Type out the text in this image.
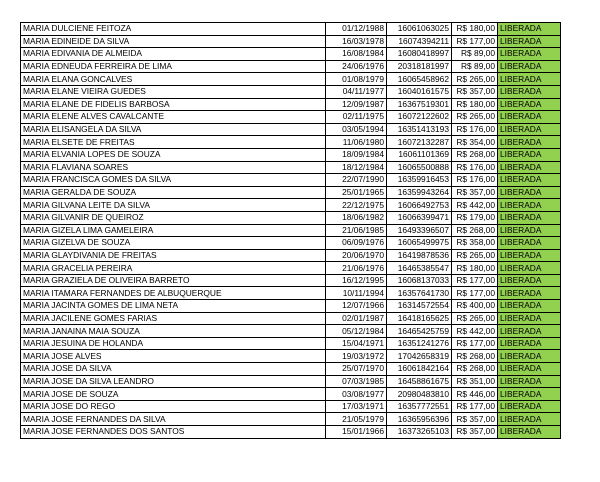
MARIA DULCIENE FEITOZA	01/12/1988	16061063025	R$ 180,00	LIBERADA
MARIA EDINEIDE DA SILVA	16/03/1978	16074394211	R$ 177,00	LIBERADA
MARIA EDIVANIA DE ALMEIDA	16/08/1984	16080418997	R$ 89,00	LIBERADA
MARIA EDNEUDA FERREIRA DE LIMA	24/06/1976	20318181997	R$ 89,00	LIBERADA
MARIA ELANA GONCALVES	01/08/1979	16065458962	R$ 265,00	LIBERADA
MARIA ELANE VIEIRA GUEDES	04/11/1977	16040161575	R$ 357,00	LIBERADA
MARIA ELANE DE FIDELIS BARBOSA	12/09/1987	16367519301	R$ 180,00	LIBERADA
MARIA ELENE ALVES CAVALCANTE	02/11/1975	16072122602	R$ 265,00	LIBERADA
MARIA ELISANGELA DA SILVA	03/05/1994	16351413193	R$ 176,00	LIBERADA
MARIA ELSETE DE FREITAS	11/06/1980	16072132287	R$ 354,00	LIBERADA
MARIA ELVANIA LOPES DE SOUZA	18/09/1984	16061101369	R$ 268,00	LIBERADA
MARIA FLAVIANA SOARES	18/12/1984	16065500888	R$ 176,00	LIBERADA
MARIA FRANCISCA GOMES DA SILVA	22/07/1990	16359916453	R$ 176,00	LIBERADA
MARIA GERALDA DE SOUZA	25/01/1965	16359943264	R$ 357,00	LIBERADA
MARIA GILVANA LEITE DA SILVA	22/12/1975	16066492753	R$ 442,00	LIBERADA
MARIA GILVANIR DE QUEIROZ	18/06/1982	16066399471	R$ 179,00	LIBERADA
MARIA GIZELA LIMA GAMELEIRA	21/06/1985	16493396507	R$ 268,00	LIBERADA
MARIA GIZELVA DE SOUZA	06/09/1976	16065499975	R$ 358,00	LIBERADA
MARIA GLAYDIVANIA DE FREITAS	20/06/1970	16419878536	R$ 265,00	LIBERADA
MARIA GRACELIA PEREIRA	21/06/1976	16465385547	R$ 180,00	LIBERADA
MARIA GRAZIELA DE OLIVEIRA BARRETO	16/12/1995	16068137033	R$ 177,00	LIBERADA
MARIA ITAMARA FERNANDES DE ALBUQUERQUE	10/11/1994	16357641730	R$ 177,00	LIBERADA
MARIA JACINTA GOMES DE LIMA NETA	12/07/1966	16314572554	R$ 400,00	LIBERADA
MARIA JACILENE GOMES FARIAS	02/01/1987	16418165625	R$ 265,00	LIBERADA
MARIA JANAINA MAIA SOUZA	05/12/1984	16465425759	R$ 442,00	LIBERADA
MARIA JESUINA DE HOLANDA	15/04/1971	16351241276	R$ 177,00	LIBERADA
MARIA JOSE ALVES	19/03/1972	17042658319	R$ 268,00	LIBERADA
MARIA JOSE DA SILVA	25/07/1970	16061842164	R$ 268,00	LIBERADA
MARIA JOSE DA SILVA LEANDRO	07/03/1985	16458861675	R$ 351,00	LIBERADA
MARIA JOSE DE SOUZA	03/08/1977	20980483810	R$ 446,00	LIBERADA
MARIA JOSE DO REGO	17/03/1971	16357772551	R$ 177,00	LIBERADA
MARIA JOSE FERNANDES DA SILVA	21/05/1979	16365956396	R$ 357,00	LIBERADA
MARIA JOSE FERNANDES DOS SANTOS	15/01/1966	16373265103	R$ 357,00	LIBERADA
